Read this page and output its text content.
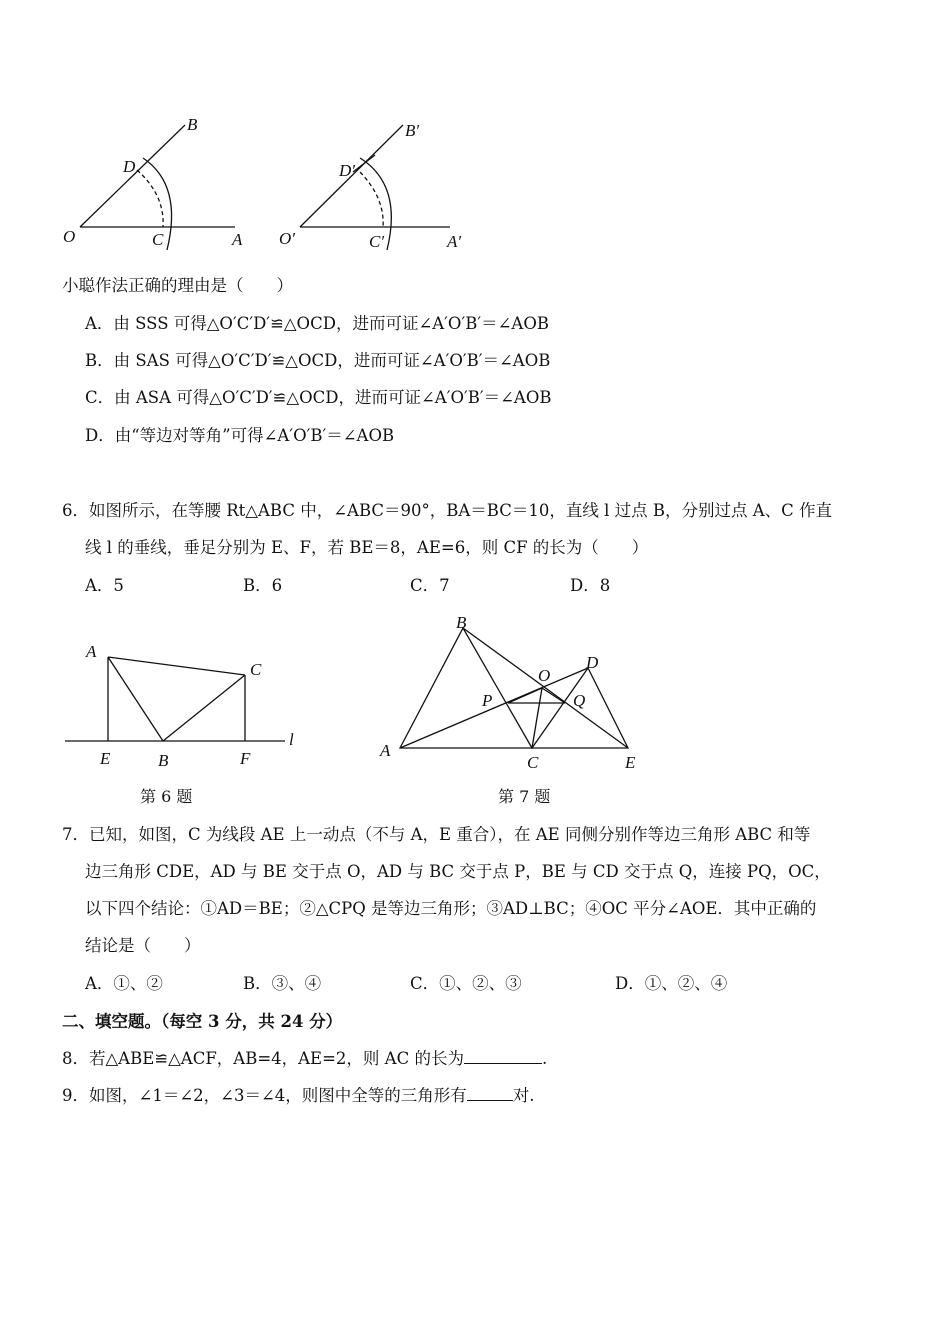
B
D
O	C	A
B′
D′
O′	C′	A′
小聪作法正确的理由是（　　）
A．由 SSS 可得△O′C′D′≌△OCD，进而可证∠A′O′B′＝∠AOB
B．由 SAS 可得△O′C′D′≌△OCD，进而可证∠A′O′B′＝∠AOB
C．由 ASA 可得△O′C′D′≌△OCD，进而可证∠A′O′B′＝∠AOB
D．由“等边对等角”可得∠A′O′B′＝∠AOB
6．如图所示，在等腰 Rt△ABC 中，∠ABC＝90°，BA＝BC＝10，直线 l 过点 B，分别过点 A、C 作直
线 l 的垂线，垂足分别为 E、F，若 BE＝8，AE=6，则 CF 的长为（　　）
A．5	B．6	C．7	D．8
A
C
E	B	F
l
第 6 题
B
D
O
P	Q
A
C	E
第 7 题
7．已知，如图，C 为线段 AE 上一动点（不与 A，E 重合），在 AE 同侧分别作等边三角形 ABC 和等
边三角形 CDE，AD 与 BE 交于点 O，AD 与 BC 交于点 P，BE 与 CD 交于点 Q，连接 PQ，OC，
以下四个结论：①AD＝BE；②△CPQ 是等边三角形；③AD⊥BC；④OC 平分∠AOE．其中正确的
结论是（　　）
A．①、②	B．③、④	C．①、②、③	D．①、②、④
二、填空题。（每空 3 分，共 24 分）
8．若△ABE≌△ACF，AB=4，AE=2，则 AC 的长为	.
9．如图，∠1＝∠2，∠3＝∠4，则图中全等的三角形有	对.
